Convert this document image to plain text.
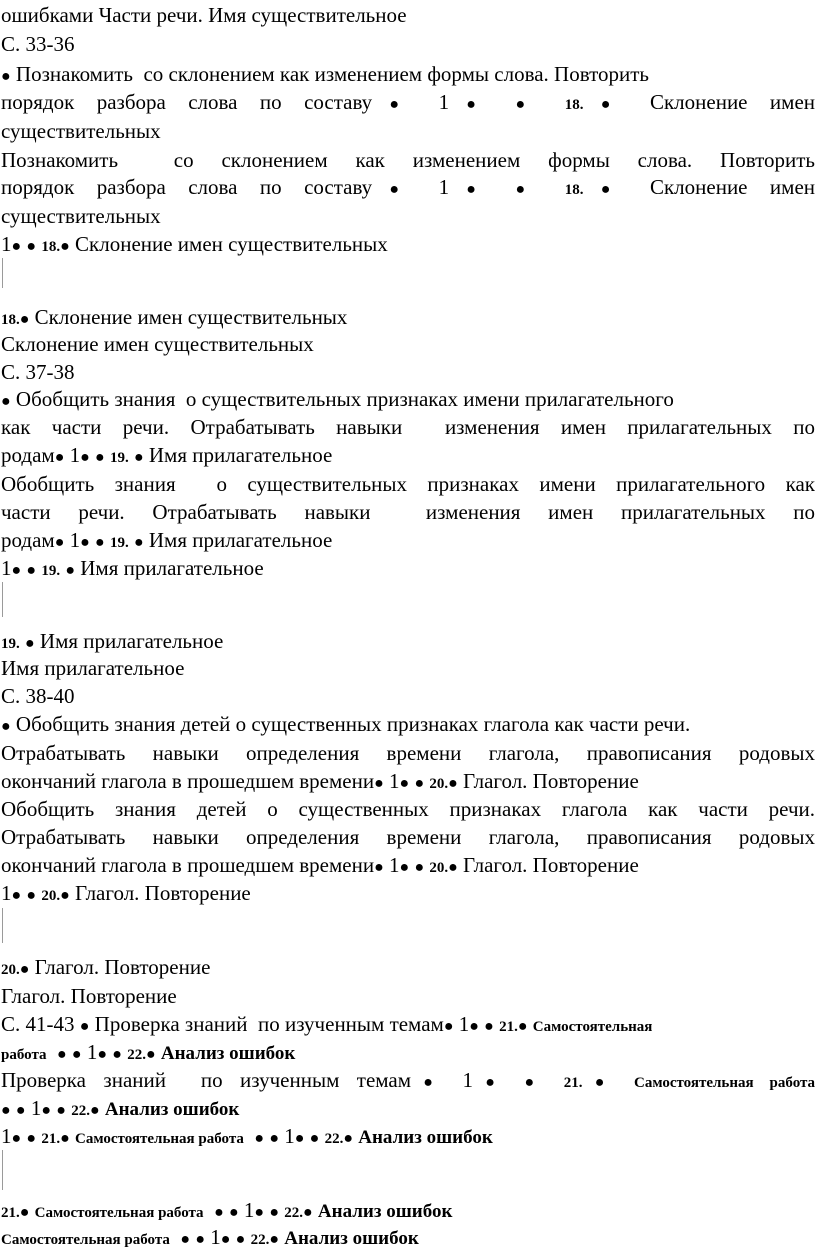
ошибками Части речи. Имя существительное
С. 33-36
● Познакомить  со склонением как изменением формы слова. Повторить
порядок разбора слова по составу● 1● ● 18.● Склонение имен
существительных
Познакомить  со склонением как изменением формы слова. Повторить
порядок разбора слова по составу● 1● ● 18.● Склонение имен
существительных
1● ● 18.● Склонение имен существительных
18.● Склонение имен существительных
Склонение имен существительных
С. 37-38
● Обобщить знания  о существительных признаках имени прилагательного
как части речи. Отрабатывать навыки  изменения имен прилагательных по
родам● 1● ● 19. ● Имя прилагательное
Обобщить знания  о существительных признаках имени прилагательного как
части речи. Отрабатывать навыки  изменения имен прилагательных по
родам● 1● ● 19. ● Имя прилагательное
1● ● 19. ● Имя прилагательное
19. ● Имя прилагательное
Имя прилагательное
С. 38-40
● Обобщить знания детей о существенных признаках глагола как части речи.
Отрабатывать навыки определения времени глагола, правописания родовых
окончаний глагола в прошедшем времени● 1● ● 20.● Глагол. Повторение
Обобщить знания детей о существенных признаках глагола как части речи.
Отрабатывать навыки определения времени глагола, правописания родовых
окончаний глагола в прошедшем времени● 1● ● 20.● Глагол. Повторение
1● ● 20.● Глагол. Повторение
20.● Глагол. Повторение
Глагол. Повторение
С. 41-43 ● Проверка знаний  по изученным темам● 1● ● 21.● Самостоятельная
работа ● ● 1● ● 22.● Анализ ошибок
Проверка знаний  по изученным темам● 1● ● 21.● Самостоятельная работа
● ● 1● ● 22.● Анализ ошибок
1● ● 21.● Самостоятельная работа ● ● 1● ● 22.● Анализ ошибок
21.● Самостоятельная работа ● ● 1● ● 22.● Анализ ошибок
Самостоятельная работа ● ● 1● ● 22.● Анализ ошибок
